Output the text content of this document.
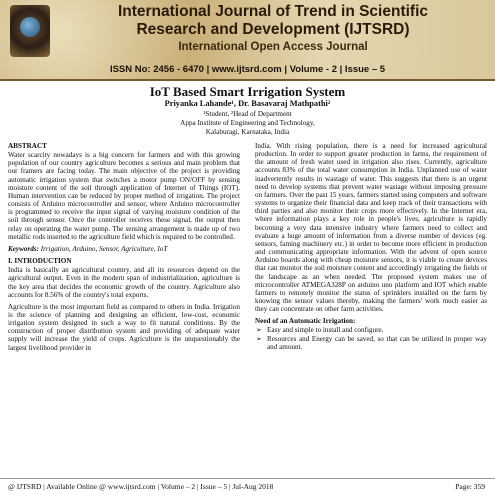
International Journal of Trend in Scientific
Research and Development (IJTSRD)
International Open Access Journal
ISSN No: 2456 - 6470 | www.ijtsrd.com | Volume - 2 | Issue – 5
IoT Based Smart Irrigation System
Priyanka Lahande¹, Dr. Basavaraj Mathpathi²
¹Student, ²Head of Department
Appa Institute of Engineering and Technology,
Kalaburagi, Karnataka, India
ABSTRACT

Water scarcity nowadays is a big concern for farmers and with this growing population of our country agriculture becomes a serious and main problem that our framers are facing today. The main objective of the project is providing automatic irrigation system that switches a motor pump ON/OFF by sensing moisture content of the soil through application of Internet of Things (IOT). Human intervention can be reduced by proper method of irrigation. The project consists of Arduino microcontroller and sensor, where Arduino microcontroller is programmed to receive the input signal of varying moisture condition of the soil through sensor. Once the controller receives these signal, the output then relay on operating the water pump. The sensing arrangement is made up of two metallic rods inserted to the agriculture field which is required to be controlled.

Keywords: Irrigation, Arduino, Sensor, Agriculture, IoT

I. INTRODUCTION

India is basically an agricultural country, and all its resources depend on the agricultural output. Even in the modern span of industrialization, agriculture is the key area that decides the economic growth of the country. Agriculture also accounts for 8.56% of the country's total exports.

Agriculture is the most important field as compared to others in India. Irrigation is the science of planning and designing an efficient, low-cost, economic irrigation system designed in such a way to fit natural conditions. By the construction of proper distribution system and providing of adequate water supply will increase the yield of crops. Agriculture is the unquestionably the largest livelihood provider in

India. With rising population, there is a need for increased agricultural production. In order to support greater production in farms, the requirement of the amount of fresh water used in irrigation also rises. Currently, agriculture accounts 83% of the total water consumption in India. Unplanned use of water inadvertently results in wastage of water. This suggests that there is an urgent need to develop systems that prevent water wastage without imposing pressure on farmers. Over the past 15 years, farmers started using computers and software systems to organize their financial data and keep track of their transactions with third parties and also monitor their crops more effectively. In the Internet era, where information plays a key role in people's lives, agriculture is rapidly becoming a very data intensive industry where farmers need to collect and evaluate a huge amount of information from a diverse number of devices (eg. sensors, faming machinery etc.) in order to become more efficient in production and communicating appropriate information. With the advent of open source Arduino boards along with cheap moisture sensors, it is viable to create devices that can monitor the soil moisture content and accordingly irrigating the fields or the landscape as an when needed. The proposed system makes use of microcontroller ATMEGA328P on arduino uno platform and IOT which enable farmers to remotely monitor the status of sprinklers installed on the farm by knowing the sensor values thereby, making the farmers' work much easier as they can concentrate on other farm activities.

Need of an Automatic Irrigation:
➢ Easy and simple to install and configure.
➢ Resources and Energy can be saved, so that can be utilized in proper way and amount.
@ IJTSRD | Available Online @ www.ijtsrd.com | Volume – 2 | Issue – 5 | Jul-Aug 2018	Page: 359
